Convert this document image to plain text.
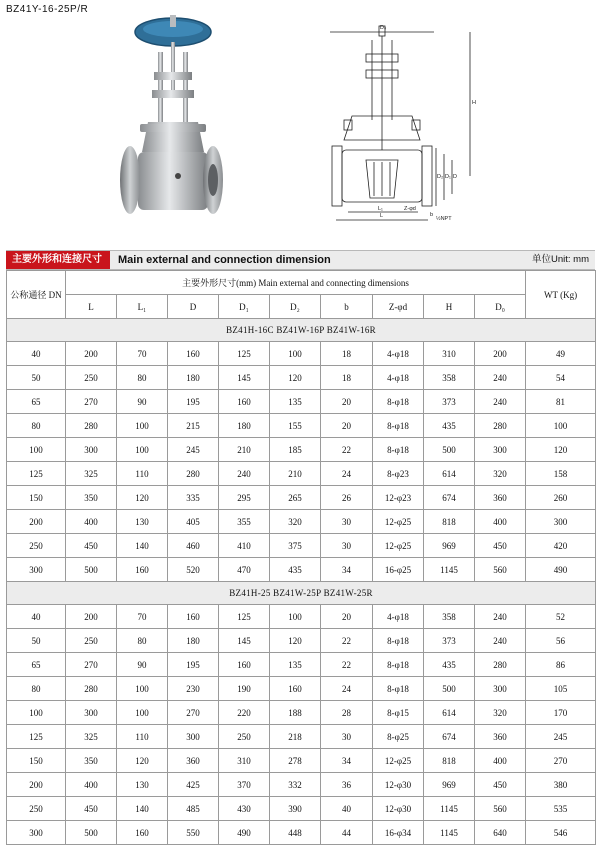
BZ41Y-16-25P/R
D₀
H
L
L₁
D
D₁
D₂
Z-φd
b
½NPT
主要外形和连接尺寸	Main external and connection dimension	单位Unit: mm
公称通径 DN	主要外形尺寸(mm) Main external and connecting dimensions									WT (Kg)
	L	L₁	D	D₁	D₂	b	Z-φd	H	D₀	
BZ41H-16C BZ41W-16P BZ41W-16R										
40	200	70	160	125	100	18	4-φ18	310	200	49
50	250	80	180	145	120	18	4-φ18	358	240	54
65	270	90	195	160	135	20	8-φ18	373	240	81
80	280	100	215	180	155	20	8-φ18	435	280	100
100	300	100	245	210	185	22	8-φ18	500	300	120
125	325	110	280	240	210	24	8-φ23	614	320	158
150	350	120	335	295	265	26	12-φ23	674	360	260
200	400	130	405	355	320	30	12-φ25	818	400	300
250	450	140	460	410	375	30	12-φ25	969	450	420
300	500	160	520	470	435	34	16-φ25	1145	560	490
BZ41H-25 BZ41W-25P BZ41W-25R										
40	200	70	160	125	100	20	4-φ18	358	240	52
50	250	80	180	145	120	22	8-φ18	373	240	56
65	270	90	195	160	135	22	8-φ18	435	280	86
80	280	100	230	190	160	24	8-φ18	500	300	105
100	300	100	270	220	188	28	8-φ15	614	320	170
125	325	110	300	250	218	30	8-φ25	674	360	245
150	350	120	360	310	278	34	12-φ25	818	400	270
200	400	130	425	370	332	36	12-φ30	969	450	380
250	450	140	485	430	390	40	12-φ30	1145	560	535
300	500	160	550	490	448	44	16-φ34	1145	640	546
